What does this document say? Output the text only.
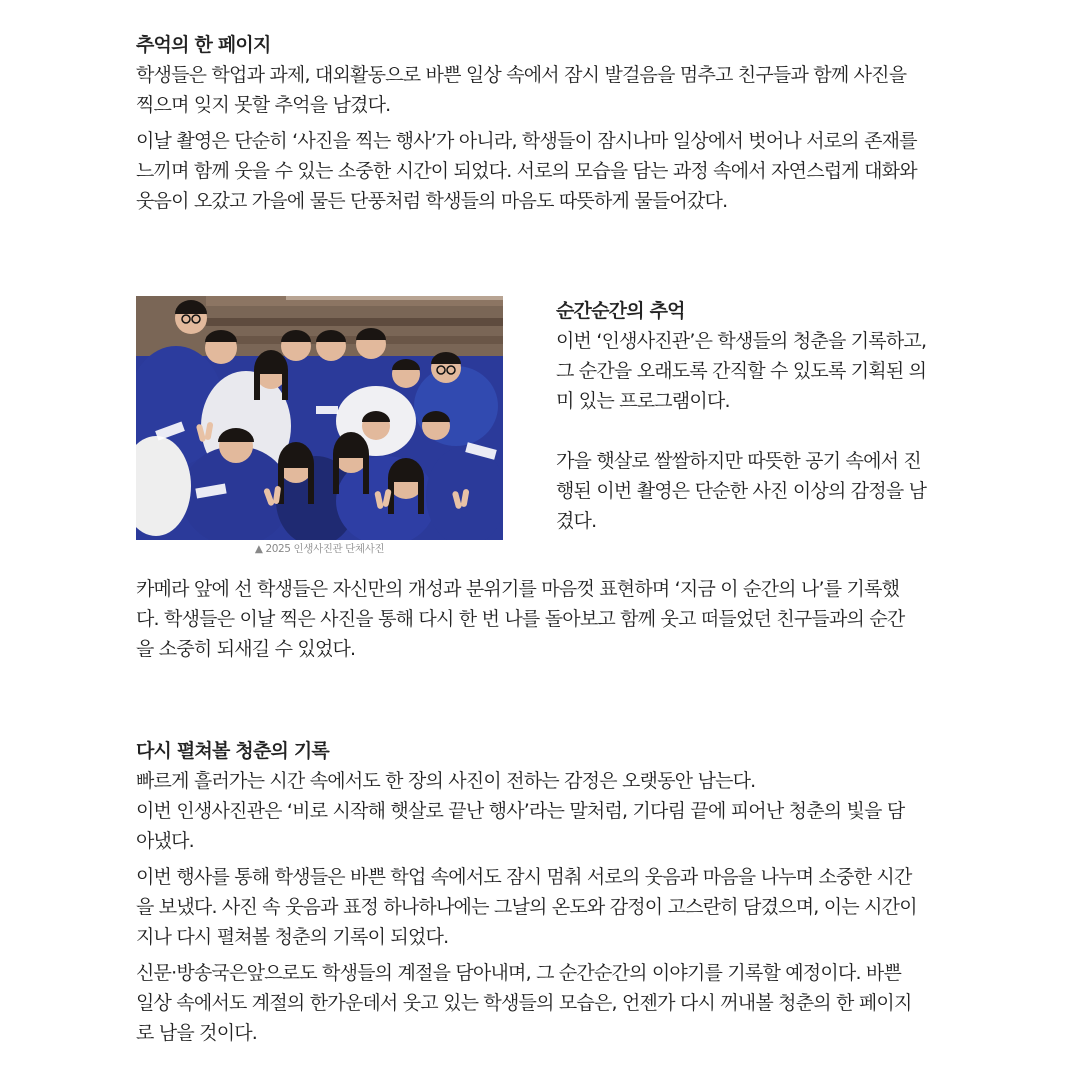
추억의 한 페이지

학생들은 학업과 과제, 대외활동으로 바쁜 일상 속에서 잠시 발걸음을 멈추고 친구들과 함께 사진을
찍으며 잊지 못할 추억을 남겼다.

이날 촬영은 단순히 ‘사진을 찍는 행사’가 아니라, 학생들이 잠시나마 일상에서 벗어나 서로의 존재를
느끼며 함께 웃을 수 있는 소중한 시간이 되었다. 서로의 모습을 담는 과정 속에서 자연스럽게 대화와
웃음이 오갔고 가을에 물든 단풍처럼 학생들의 마음도 따뜻하게 물들어갔다.

▲ 2025 인생사진관 단체사진

순간순간의 추억

이번 ‘인생사진관’은 학생들의 청춘을 기록하고,
그 순간을 오래도록 간직할 수 있도록 기획된 의
미 있는 프로그램이다.

가을 햇살로 쌀쌀하지만 따뜻한 공기 속에서 진
행된 이번 촬영은 단순한 사진 이상의 감정을 남
겼다.

카메라 앞에 선 학생들은 자신만의 개성과 분위기를 마음껏 표현하며 ‘지금 이 순간의 나’를 기록했
다. 학생들은 이날 찍은 사진을 통해 다시 한 번 나를 돌아보고 함께 웃고 떠들었던 친구들과의 순간
을 소중히 되새길 수 있었다.

다시 펼쳐볼 청춘의 기록

빠르게 흘러가는 시간 속에서도 한 장의 사진이 전하는 감정은 오랫동안 남는다.
이번 인생사진관은 ‘비로 시작해 햇살로 끝난 행사’라는 말처럼, 기다림 끝에 피어난 청춘의 빛을 담
아냈다.

이번 행사를 통해 학생들은 바쁜 학업 속에서도 잠시 멈춰 서로의 웃음과 마음을 나누며 소중한 시간
을 보냈다. 사진 속 웃음과 표정 하나하나에는 그날의 온도와 감정이 고스란히 담겼으며, 이는 시간이
지나 다시 펼쳐볼 청춘의 기록이 되었다.

신문·방송국은앞으로도 학생들의 계절을 담아내며, 그 순간순간의 이야기를 기록할 예정이다. 바쁜
일상 속에서도 계절의 한가운데서 웃고 있는 학생들의 모습은, 언젠가 다시 꺼내볼 청춘의 한 페이지
로 남을 것이다.
